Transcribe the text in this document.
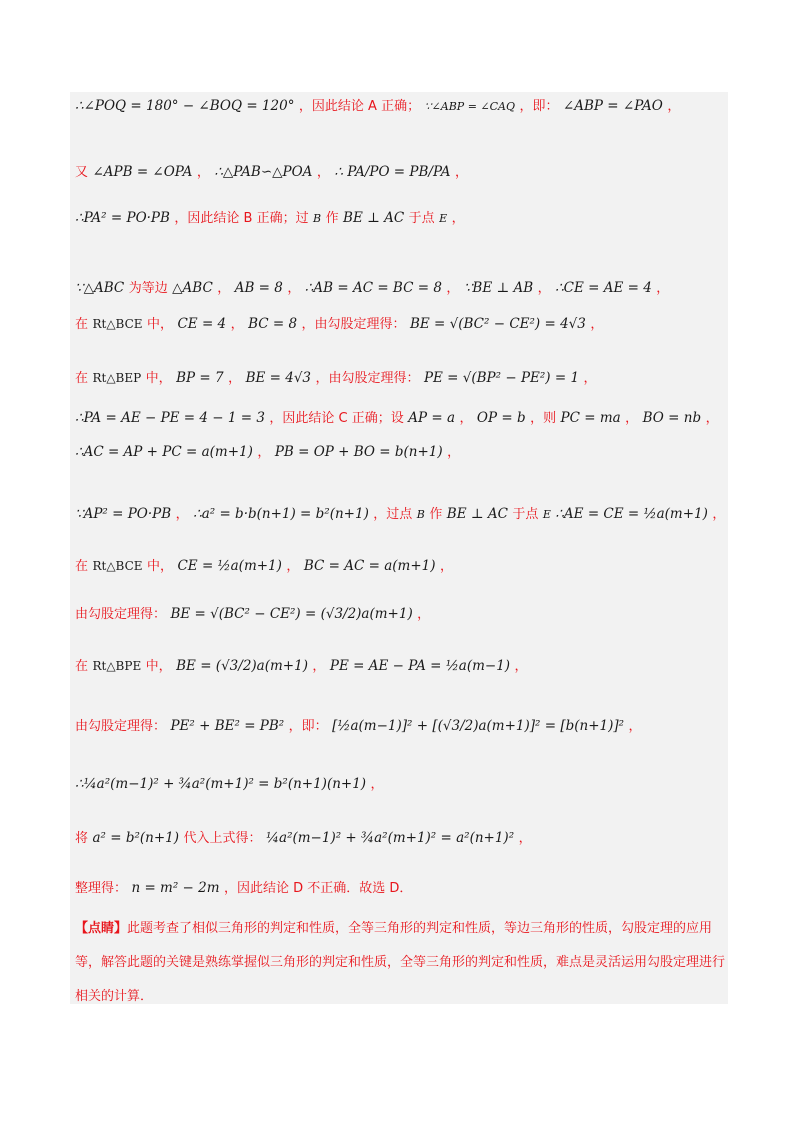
∴∠POQ = 180° − ∠BOQ = 120° ，因此结论 A 正确； ∵∠ABP = ∠CAQ ，即： ∠ABP = ∠PAO ，
又 ∠APB = ∠OPA ， ∴△PAB∽△POA ， ∴ PA/PO = PB/PA ，
∴PA² = PO·PB ，因此结论 B 正确；过 B 作 BE ⊥ AC 于点 E ，
∵△ABC 为等边 △ABC ， AB = 8 ， ∴AB = AC = BC = 8 ， ∵BE ⊥ AB ， ∴CE = AE = 4 ，
在 Rt△BCE 中， CE = 4 ， BC = 8 ，由勾股定理得： BE = √(BC² − CE²) = 4√3 ，
在 Rt△BEP 中， BP = 7 ， BE = 4√3 ，由勾股定理得： PE = √(BP² − PE²) = 1 ，
∴PA = AE − PE = 4 − 1 = 3 ，因此结论 C 正确；设 AP = a ， OP = b ，则 PC = ma ， BO = nb ，
∴AC = AP + PC = a(m+1) ， PB = OP + BO = b(n+1) ，
∵AP² = PO·PB ， ∴a² = b·b(n+1) = b²(n+1) ，过点 B 作 BE ⊥ AC 于点 E ∴AE = CE = ½a(m+1) ，
在 Rt△BCE 中， CE = ½a(m+1) ， BC = AC = a(m+1) ，
由勾股定理得： BE = √(BC² − CE²) = (√3/2)a(m+1) ，
在 Rt△BPE 中， BE = (√3/2)a(m+1) ， PE = AE − PA = ½a(m−1) ，
由勾股定理得： PE² + BE² = PB² ，即： [½a(m−1)]² + [(√3/2)a(m+1)]² = [b(n+1)]² ，
∴¼a²(m−1)² + ¾a²(m+1)² = b²(n+1)(n+1) ，
将 a² = b²(n+1) 代入上式得： ¼a²(m−1)² + ¾a²(m+1)² = a²(n+1)² ，
整理得： n = m² − 2m ，因此结论 D 不正确．故选 D．
【点睛】此题考查了相似三角形的判定和性质，全等三角形的判定和性质，等边三角形的性质，勾股定理的应用等，解答此题的关键是熟练掌握似三角形的判定和性质，全等三角形的判定和性质，难点是灵活运用勾股定理进行相关的计算．
